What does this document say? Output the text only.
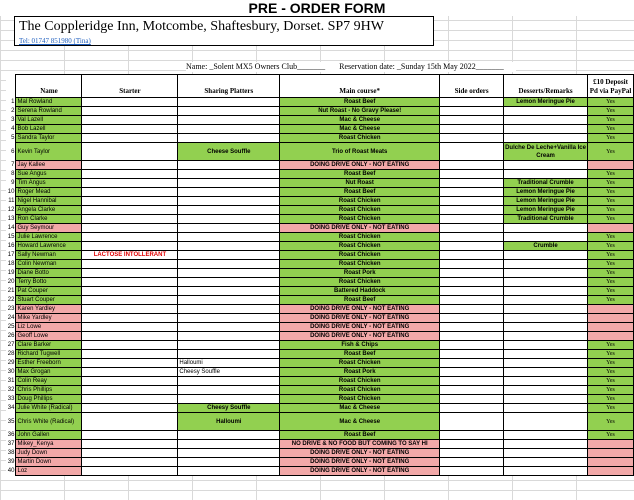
PRE - ORDER FORM
The Coppleridge Inn, Motcombe, Shaftesbury, Dorset. SP7 9HW
Tel: 01747 851980 (Tina)
Name: _Solent MX5 Owners Club_______ Reservation date: _Sunday 15th May 2022_______
	Name	Starter	Sharing Platters	Main course*	Side orders	Desserts/Remarks	£10 Deposit Pd via PayPal
1	Mal Rowland			Roast Beef		Lemon Meringue Pie	Yes
2	Serena Rowland			Nut Roast - No Gravy Please!			Yes
3	Val Lazell			Mac & Cheese			Yes
4	Bob Lazell			Mac & Cheese			Yes
5	Sandra Taylor			Roast Chicken			Yes
6	Kevin Taylor		Cheese Souffle	Trio of Roast Meats		Dulche De Leche+Vanilla Ice Cream	Yes
7	Jay Kallee			DOING DRIVE ONLY - NOT EATING			
8	Sue Angus			Roast Beef			Yes
9	Tim Angus			Nut Roast		Traditional Crumble	Yes
10	Roger Mead			Roast Beef		Lemon Meringue Pie	Yes
11	Nigel Hannibal			Roast Chicken		Lemon Meringue Pie	Yes
12	Angela Clarke			Roast Chicken		Lemon Meringue Pie	Yes
13	Ron Clarke			Roast Chicken		Traditional Crumble	Yes
14	Guy Seymour			DOING DRIVE ONLY - NOT EATING			
15	Julie Lawrence			Roast Chicken			Yes
16	Howard Lawrence			Roast Chicken		Crumble	Yes
17	Sally Newman	LACTOSE INTOLLERANT		Roast Chicken			Yes
18	Colin Newman			Roast Chicken			Yes
19	Diane Botto			Roast Pork			Yes
20	Terry Botto			Roast Chicken			Yes
21	Pat Couper			Battered Haddock			Yes
22	Stuart Couper			Roast Beef			Yes
23	Karen Yardley			DOING DRIVE ONLY - NOT EATING			
24	Mike Yardley			DOING DRIVE ONLY - NOT EATING			
25	Liz Lowe			DOING DRIVE ONLY - NOT EATING			
26	Geoff Lowe			DOING DRIVE ONLY - NOT EATING			
27	Clare Barker			Fish & Chips			Yes
28	Richard Tugwell			Roast Beef			Yes
29	Esther Freeborn		Halloumi	Roast Chicken			Yes
30	Max Grogan		Cheesy Souffle	Roast Pork			Yes
31	Colin Reay			Roast Chicken			Yes
32	Chris Phillips			Roast Chicken			Yes
33	Doug Phillips			Roast Chicken			Yes
34	Julie White (Radical)		Cheesy Souffle	Mac & Cheese			Yes
35	Chris White (Radical)		Halloumi	Mac & Cheese			Yes
36	John Gallen			Roast Beef			Yes
37	Mikey_Kenya			NO DRIVE & NO FOOD BUT COMING TO SAY HI			
38	Judy Down			DOING DRIVE ONLY - NOT EATING			
39	Martin Down			DOING DRIVE ONLY - NOT EATING			
40	Loz			DOING DRIVE ONLY - NOT EATING			
